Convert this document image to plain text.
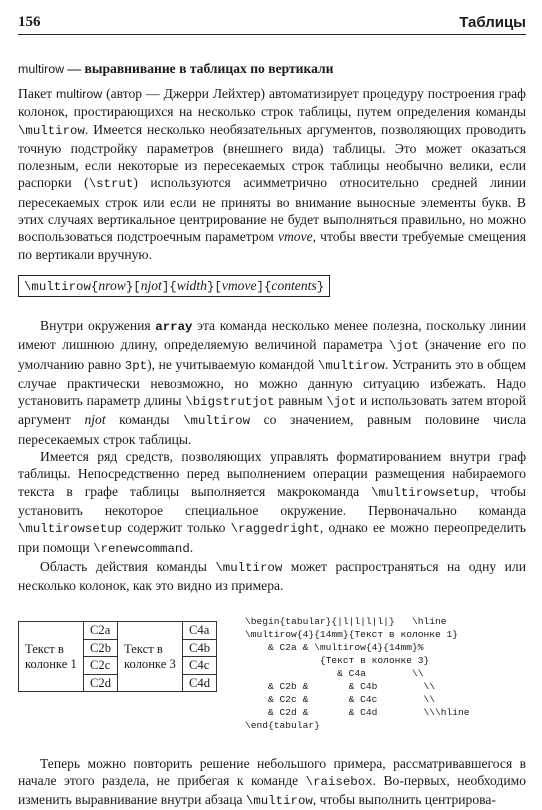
156	Таблицы
multirow — выравнивание в таблицах по вертикали

Пакет multirow (автор — Джерри Лейхтер) автоматизирует процедуру построения граф колонок, простирающихся на несколько строк таблицы, путем определения команды \multirow. Имеется несколько необязательных аргументов, позволяющих проводить точную подстройку параметров (внешнего вида) таблицы. Это может оказаться полезным, если некоторые из пересекаемых строк таблицы необычно велики, если распорки (\strut) используются асимметрично относительно средней линии пересекаемых строк или если не приняты во внимание выносные элементы букв. В этих случаях вертикальное центрирование не будет выполняться правильно, но можно воспользоваться подстроечным параметром vmove, чтобы ввести требуемые смещения по вертикали вручную.

\multirow{nrow}[njot]{width}[vmove]{contents}

Внутри окружения array эта команда несколько менее полезна, поскольку линии имеют лишнюю длину, определяемую величиной параметра \jot (значение его по умолчанию равно 3pt), не учитываемую командой \multirow. Устранить это в общем случае практически невозможно, но можно данную ситуацию избежать. Надо установить параметр длины \bigstrutjot равным \jot и использовать затем второй аргумент njot команды \multirow со значением, равным половине числа пересекаемых строк таблицы.

Имеется ряд средств, позволяющих управлять форматированием внутри граф таблицы. Непосредственно перед выполнением операции размещения набираемого текста в графе таблицы выполняется макрокоманда \multirowsetup, чтобы установить некоторое специальное окружение. Первоначально команда \multirowsetup содержит только \raggedright, однако ее можно переопределить при помощи \renewcommand.

Область действия команды \multirow может распространяться на одну или несколько колонок, как это видно из примера.

Текст в колонке 1	C2a	Текст в колонке 3	C4a
	C2b		C4b
	C2c		C4c
	C2d		C4d
\begin{tabular}{|l|l|l|l|}   \hline
\multirow{4}{14mm}{Текст в колонке 1}
& C2a & \multirow{4}{14mm}%
{Текст в колонке 3}
& C4a        \\
& C2b &       & C4b        \\
& C2c &       & C4c        \\
& C2d &       & C4d        \\\hline
\end{tabular}

Теперь можно повторить решение небольшого примера, рассматривавшегося в начале этого раздела, не прибегая к команде \raisebox. Во-первых, необходимо изменить выравнивание внутри абзаца \multirow, чтобы выполнить центрирова-
